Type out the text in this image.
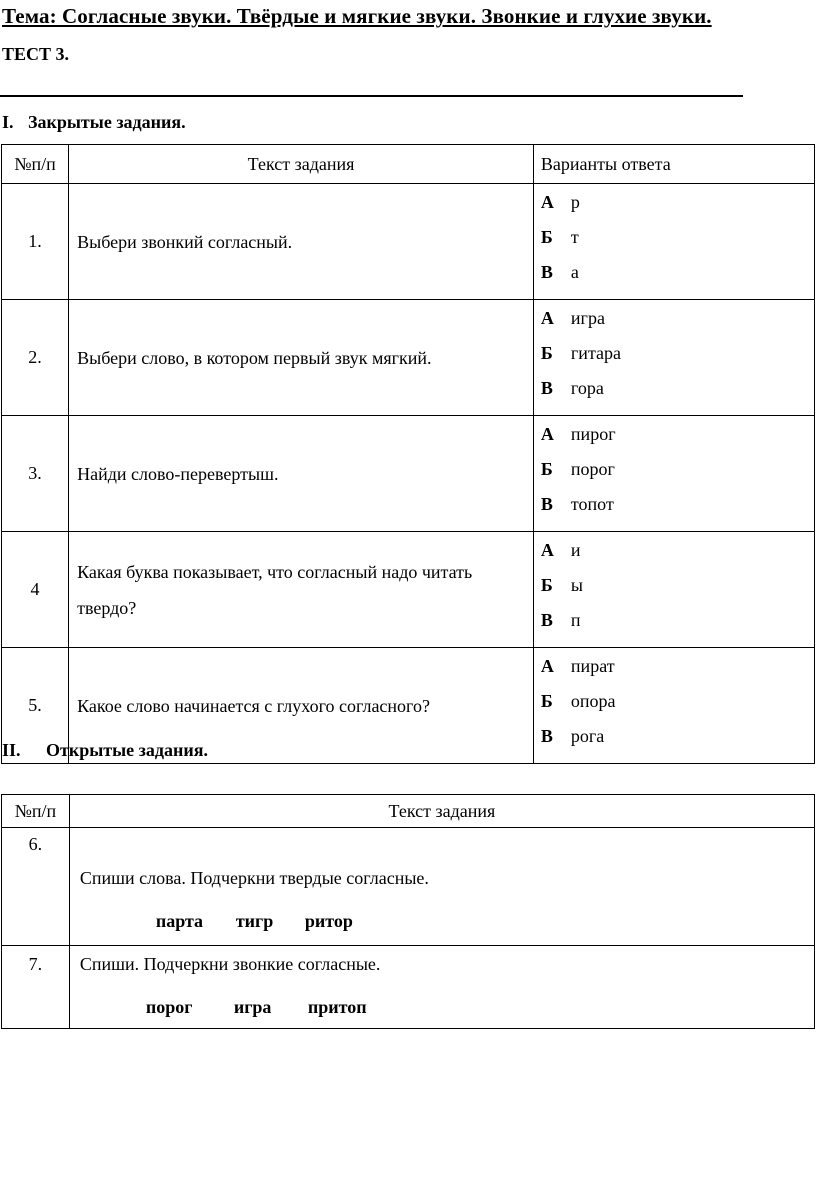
Тема: Согласные звуки. Твёрдые и мягкие звуки. Звонкие и глухие звуки.
ТЕСТ 3.
I. Закрытые задания.
№п/п	Текст задания	Варианты ответа
1.	Выбери звонкий согласный.	А р
Б т
В а

2.	Выбери слово, в котором первый звук мягкий.	А игра
Б гитара
В гора

3.	Найди слово-перевертыш.	А пирог
Б порог
В топот

4	Какая буква показывает, что согласный надо читать твердо?	А и
Б ы
В п

5.	Какое слово начинается с глухого согласного?	А пират
Б опора
В рога
II. Открытые задания.
№п/п	Текст задания
6.	Спиши слова. Подчеркни твердые согласные.
парта тигр ритор

7.	Спиши. Подчеркни звонкие согласные.
порог игра притоп
